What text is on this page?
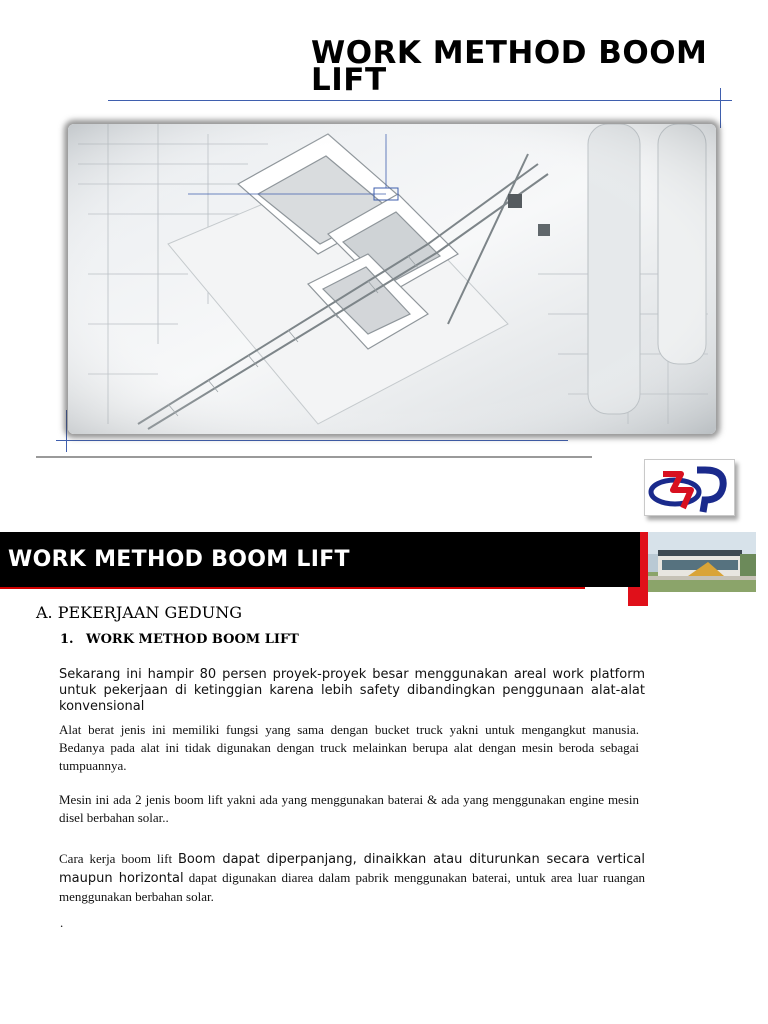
WORK METHOD BOOM LIFT
WORK METHOD BOOM LIFT
A. PEKERJAAN GEDUNG
1. WORK METHOD BOOM LIFT
Sekarang ini hampir 80 persen proyek-proyek besar menggunakan areal work platform untuk pekerjaan di ketinggian karena lebih safety dibandingkan penggunaan alat-alat konvensional
Alat berat jenis ini memiliki fungsi yang sama dengan bucket truck yakni untuk mengangkut manusia. Bedanya pada alat ini tidak digunakan dengan truck melainkan berupa alat dengan mesin beroda sebagai tumpuannya.
Mesin ini ada 2 jenis boom lift yakni ada yang menggunakan baterai & ada yang menggunakan engine mesin disel berbahan solar..
Cara kerja boom lift Boom dapat diperpanjang, dinaikkan atau diturunkan secara vertical maupun horizontal dapat digunakan diarea dalam pabrik menggunakan baterai, untuk area luar ruangan menggunakan berbahan solar.
.
